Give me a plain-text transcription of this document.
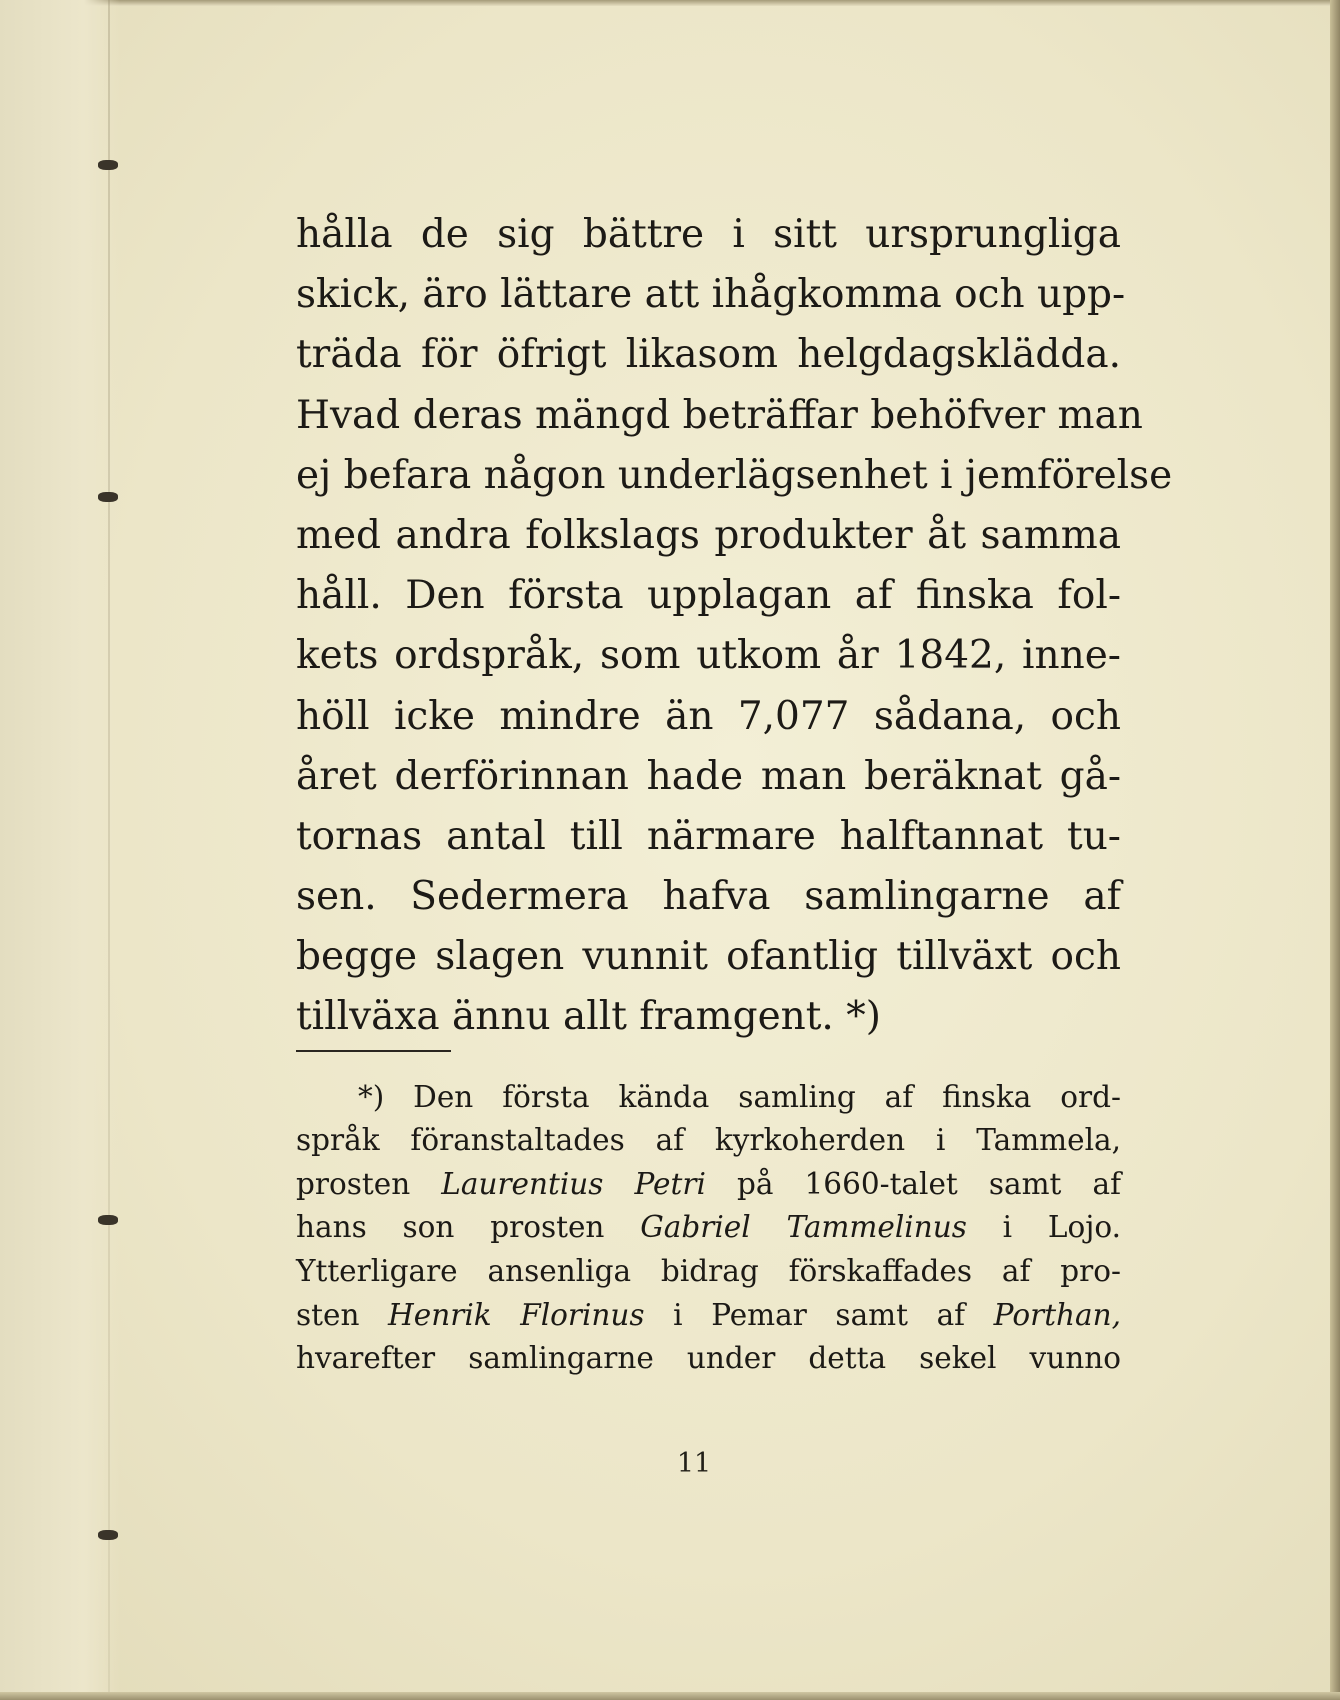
hålla de sig bättre i sitt ursprungliga
skick, äro lättare att ihågkomma och upp-
träda för öfrigt likasom helgdagsklädda.
Hvad deras mängd beträffar behöfver man
ej befara någon underlägsenhet i jemförelse
med andra folkslags produkter åt samma
håll. Den första upplagan af finska fol-
kets ordspråk, som utkom år 1842, inne-
höll icke mindre än 7,077 sådana, och
året derförinnan hade man beräknat gå-
tornas antal till närmare halftannat tu-
sen. Sedermera hafva samlingarne af
begge slagen vunnit ofantlig tillväxt och
tillväxa ännu allt framgent. *)
*) Den första kända samling af finska ord-
språk föranstaltades af kyrkoherden i Tammela,
prosten Laurentius Petri på 1660-talet samt af
hans son prosten Gabriel Tammelinus i Lojo.
Ytterligare ansenliga bidrag förskaffades af pro-
sten Henrik Florinus i Pemar samt af Porthan,
hvarefter samlingarne under detta sekel vunno
11
